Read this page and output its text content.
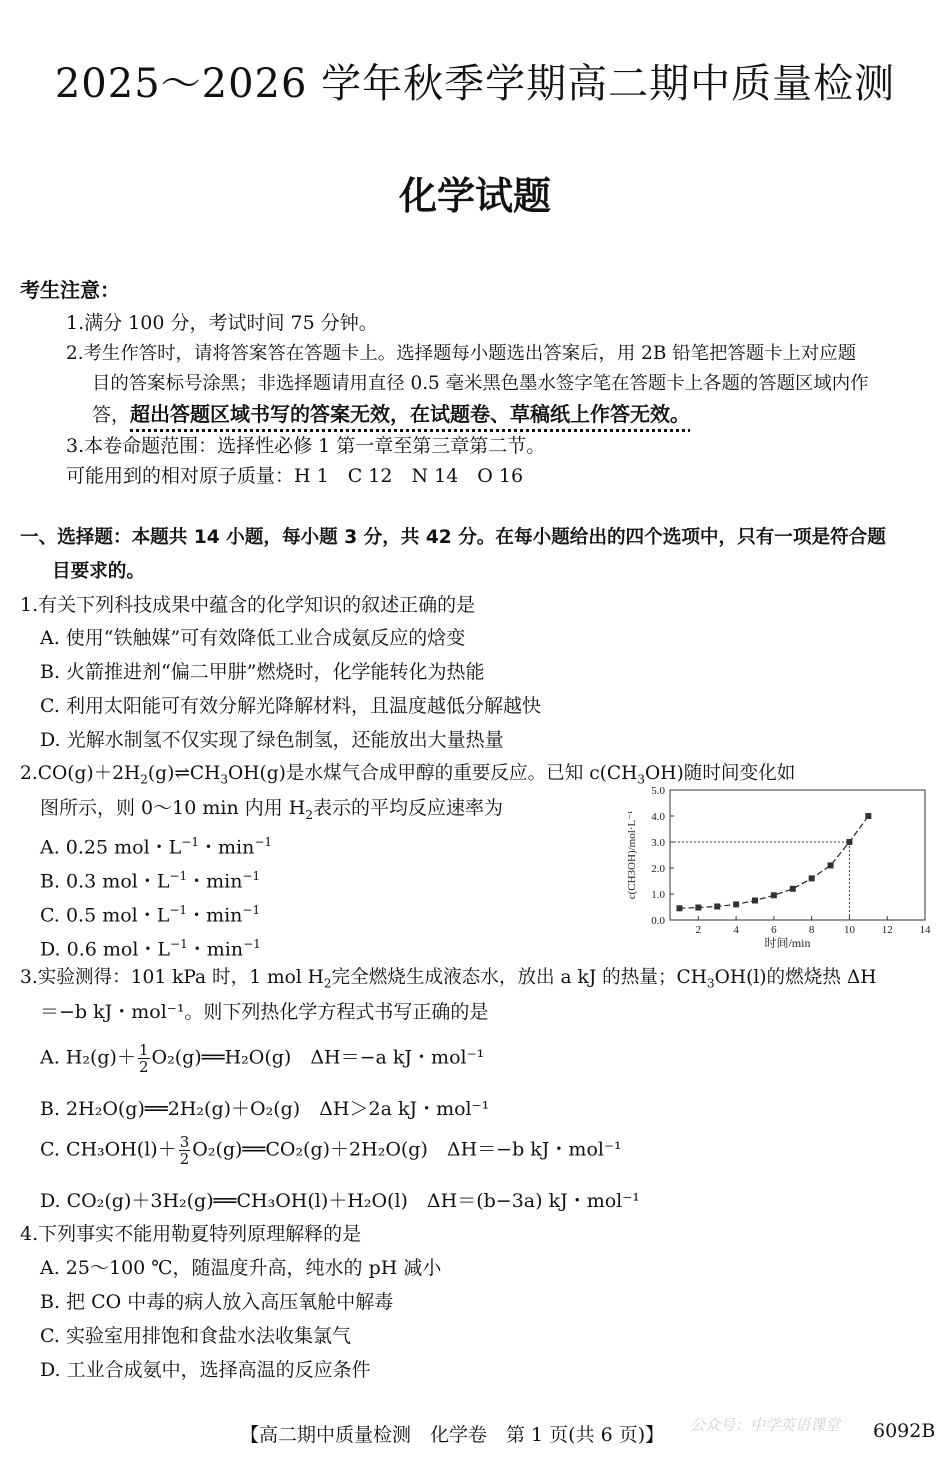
2025～2026 学年秋季学期高二期中质量检测
化学试题
考生注意：
1.满分 100 分，考试时间 75 分钟。
2.考生作答时，请将答案答在答题卡上。选择题每小题选出答案后，用 2B 铅笔把答题卡上对应题
目的答案标号涂黑；非选择题请用直径 0.5 毫米黑色墨水签字笔在答题卡上各题的答题区域内作
答，超出答题区域书写的答案无效，在试题卷、草稿纸上作答无效。
3.本卷命题范围：选择性必修 1 第一章至第三章第二节。
可能用到的相对原子质量：H 1　C 12　N 14　O 16
一、选择题：本题共 14 小题，每小题 3 分，共 42 分。在每小题给出的四个选项中，只有一项是符合题
目要求的。
1.有关下列科技成果中蕴含的化学知识的叙述正确的是
A. 使用“铁触媒”可有效降低工业合成氨反应的焓变
B. 火箭推进剂“偏二甲肼”燃烧时，化学能转化为热能
C. 利用太阳能可有效分解光降解材料，且温度越低分解越快
D. 光解水制氢不仅实现了绿色制氢，还能放出大量热量
$2.CO(g)+2H_2(g)\rightleftharpoons CH_3OH(g)$是水煤气合成甲醇的重要反应。已知 $c(CH_3OH)$随时间变化如
图所示，则 0～10 min 内用 $H_2$表示的平均反应速率为
A. 0.25 mol・$L^{-1}$・$\min^{-1}$
B. 0.3 mol・$L^{-1}$・$\min^{-1}$
C. 0.5 mol・$L^{-1}$・$\min^{-1}$
D. 0.6 mol・$L^{-1}$・$\min^{-1}$
0.0
1.0
2.0
3.0
4.0
5.0
2	4	6	8	10 12 14
时间/min
c(CH3OH)/mol·L⁻¹
3.实验测得：101 kPa 时，1 mol $H_2$完全燃烧生成液态水，放出 a kJ 的热量；$CH_3OH(l)$的燃烧热 ΔH
＝−b kJ・mol⁻¹。则下列热化学方程式书写正确的是
A. $H_2(g)+ \frac{1}{2}$ O₂(g)══H₂O(g)　ΔH＝−a kJ・mol⁻¹
B. 2H₂O(g)══2H₂(g)＋O₂(g)　ΔH＞2a kJ・mol⁻¹
C. $CH_3OH(l)+ \frac{3}{2}$ O₂(g)══CO₂(g)＋2H₂O(g)　ΔH＝−b kJ・mol⁻¹
D. CO₂(g)＋3H₂(g)══CH₃OH(l)＋H₂O(l)　ΔH＝(b−3a) kJ・mol⁻¹
4.下列事实不能用勒夏特列原理解释的是
A. 25～100 ℃，随温度升高，纯水的 pH 减小
B. 把 CO 中毒的病人放入高压氧舱中解毒
C. 实验室用排饱和食盐水法收集氯气
D. 工业合成氨中，选择高温的反应条件
【高二期中质量检测　化学卷　第 1 页(共 6 页)】 公众号：中学英语课堂 6092B
